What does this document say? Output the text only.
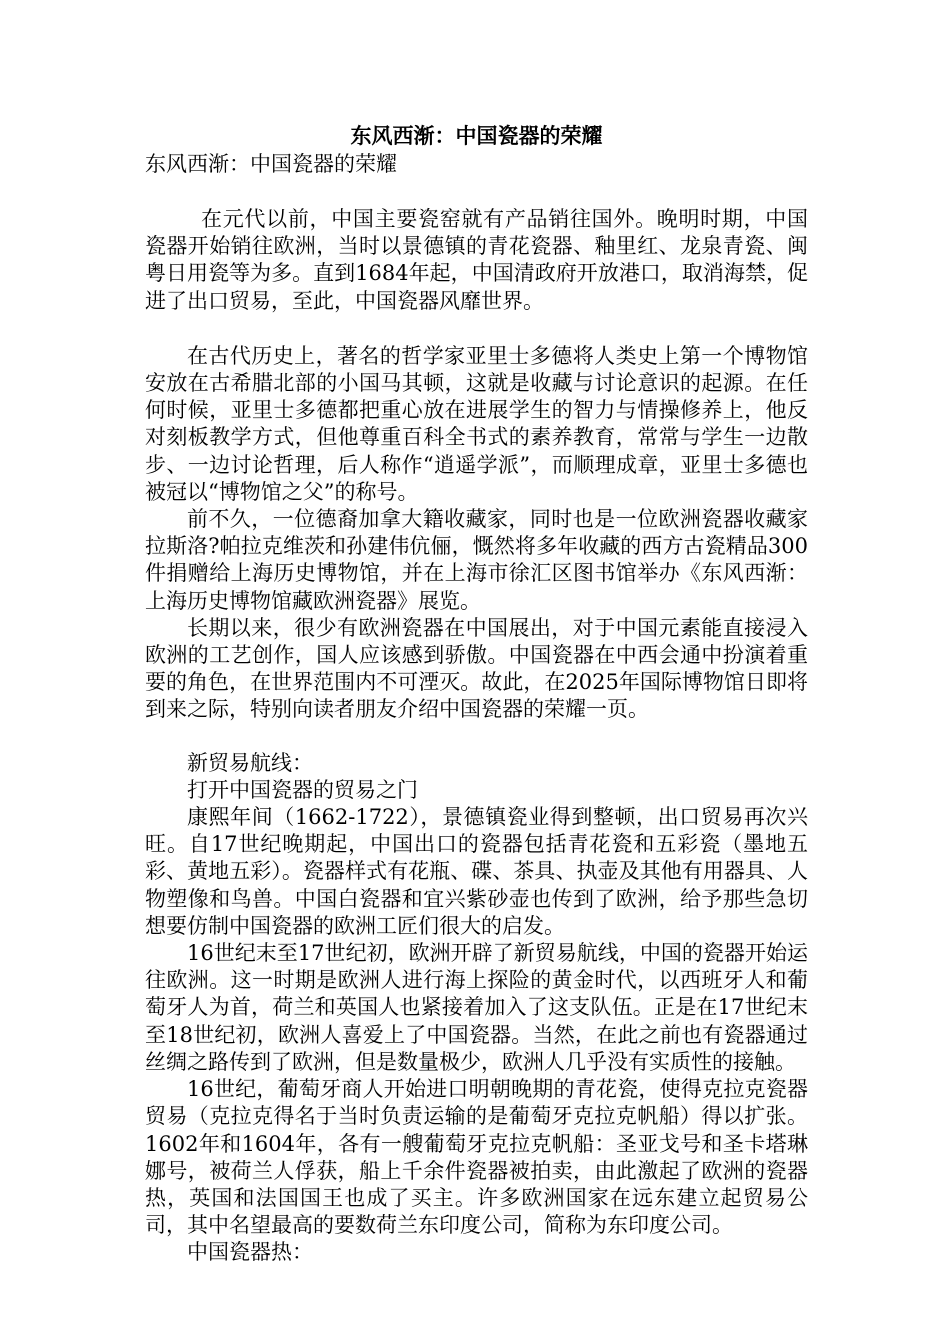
东风西渐：中国瓷器的荣耀

东风西渐：中国瓷器的荣耀

在元代以前，中国主要瓷窑就有产品销往国外。晚明时期，中国瓷器开始销往欧洲，当时以景德镇的青花瓷器、釉里红、龙泉青瓷、闽粤日用瓷等为多。直到1684年起，中国清政府开放港口，取消海禁，促进了出口贸易，至此，中国瓷器风靡世界。

在古代历史上，著名的哲学家亚里士多德将人类史上第一个博物馆安放在古希腊北部的小国马其顿，这就是收藏与讨论意识的起源。在任何时候，亚里士多德都把重心放在进展学生的智力与情操修养上，他反对刻板教学方式，但他尊重百科全书式的素养教育，常常与学生一边散步、一边讨论哲理，后人称作“逍遥学派”，而顺理成章，亚里士多德也被冠以“博物馆之父”的称号。

前不久，一位德裔加拿大籍收藏家，同时也是一位欧洲瓷器收藏家拉斯洛?帕拉克维茨和孙建伟伉俪，慨然将多年收藏的西方古瓷精品300件捐赠给上海历史博物馆，并在上海市徐汇区图书馆举办《东风西渐：上海历史博物馆藏欧洲瓷器》展览。

长期以来，很少有欧洲瓷器在中国展出，对于中国元素能直接浸入欧洲的工艺创作，国人应该感到骄傲。中国瓷器在中西会通中扮演着重要的角色，在世界范围内不可湮灭。故此，在2025年国际博物馆日即将到来之际，特别向读者朋友介绍中国瓷器的荣耀一页。

新贸易航线：

打开中国瓷器的贸易之门

康熙年间（1662-1722），景德镇瓷业得到整顿，出口贸易再次兴旺。自17世纪晚期起，中国出口的瓷器包括青花瓷和五彩瓷（墨地五彩、黄地五彩）。瓷器样式有花瓶、碟、茶具、执壶及其他有用器具、人物塑像和鸟兽。中国白瓷器和宜兴紫砂壶也传到了欧洲，给予那些急切想要仿制中国瓷器的欧洲工匠们很大的启发。

16世纪末至17世纪初，欧洲开辟了新贸易航线，中国的瓷器开始运往欧洲。这一时期是欧洲人进行海上探险的黄金时代，以西班牙人和葡萄牙人为首，荷兰和英国人也紧接着加入了这支队伍。正是在17世纪末至18世纪初，欧洲人喜爱上了中国瓷器。当然，在此之前也有瓷器通过丝绸之路传到了欧洲，但是数量极少，欧洲人几乎没有实质性的接触。

16世纪，葡萄牙商人开始进口明朝晚期的青花瓷，使得克拉克瓷器贸易（克拉克得名于当时负责运输的是葡萄牙克拉克帆船）得以扩张。1602年和1604年，各有一艘葡萄牙克拉克帆船：圣亚戈号和圣卡塔琳娜号，被荷兰人俘获，船上千余件瓷器被拍卖，由此激起了欧洲的瓷器热，英国和法国国王也成了买主。许多欧洲国家在远东建立起贸易公司，其中名望最高的要数荷兰东印度公司，简称为东印度公司。

中国瓷器热：
